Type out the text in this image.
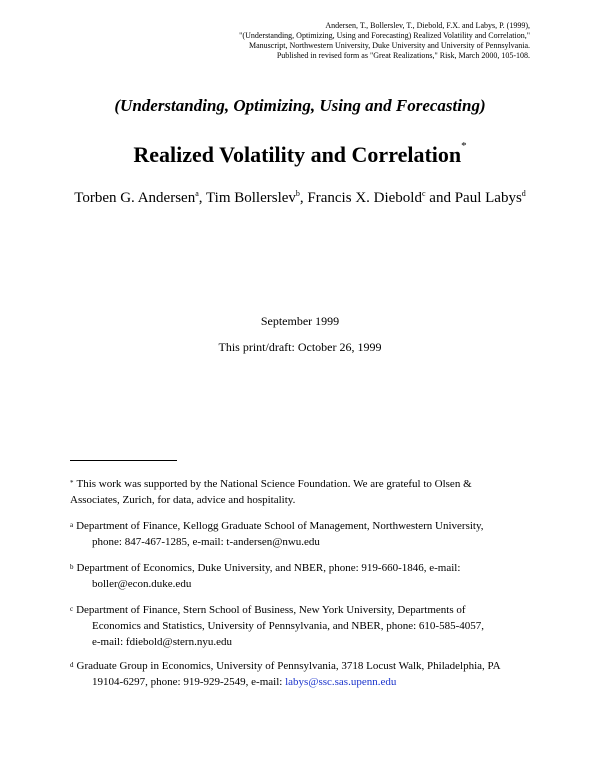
Andersen, T., Bollerslev, T., Diebold, F.X. and Labys, P. (1999),
"(Understanding, Optimizing, Using and Forecasting) Realized Volatility and Correlation,"
Manuscript, Northwestern University, Duke University and University of Pennsylvania.
Published in revised form as "Great Realizations," Risk, March 2000, 105-108.
(Understanding, Optimizing, Using and Forecasting)
Realized Volatility and Correlation*
Torben G. Andersen$^a$, Tim Bollerslev$^b$, Francis X. Diebold$^c$ and Paul Labys$^d$
September 1999
This print/draft: October 26, 1999
* This work was supported by the National Science Foundation. We are grateful to Olsen &
Associates, Zurich, for data, advice and hospitality.
$^a$ Department of Finance, Kellogg Graduate School of Management, Northwestern University,
phone: 847-467-1285, e-mail: t-andersen@nwu.edu
$^b$ Department of Economics, Duke University, and NBER, phone: 919-660-1846, e-mail:
boller@econ.duke.edu
$^c$ Department of Finance, Stern School of Business, New York University, Departments of
Economics and Statistics, University of Pennsylvania, and NBER, phone: 610-585-4057,
e-mail: fdiebold@stern.nyu.edu
$^d$ Graduate Group in Economics, University of Pennsylvania, 3718 Locust Walk, Philadelphia, PA
19104-6297, phone: 919-929-2549, e-mail: labys@ssc.sas.upenn.edu
